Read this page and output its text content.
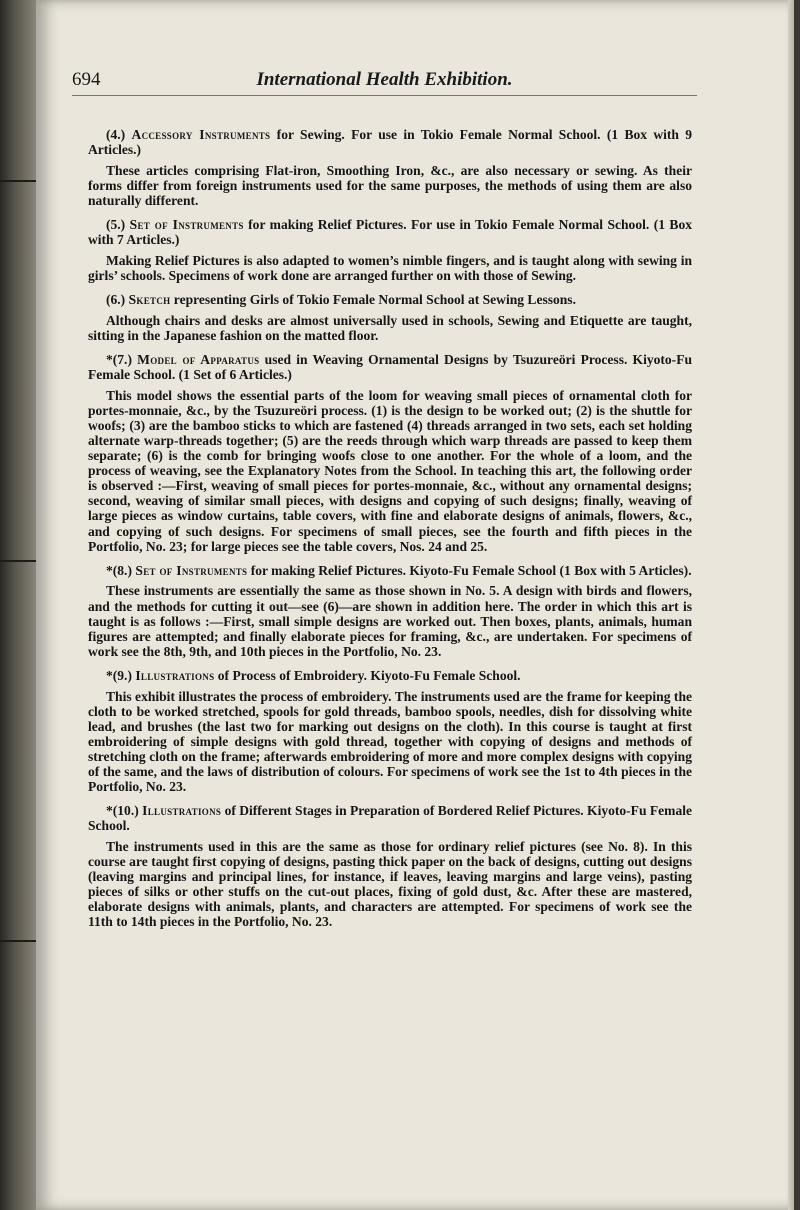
694	International Health Exhibition.

(4.) Accessory Instruments for Sewing. For use in Tokio Female Normal School. (1 Box with 9 Articles.)

These articles comprising Flat-iron, Smoothing Iron, &c., are also necessary or sewing. As their forms differ from foreign instruments used for the same purposes, the methods of using them are also naturally different.

(5.) Set of Instruments for making Relief Pictures. For use in Tokio Female Normal School. (1 Box with 7 Articles.)

Making Relief Pictures is also adapted to women’s nimble fingers, and is taught along with sewing in girls’ schools. Specimens of work done are arranged further on with those of Sewing.

(6.) Sketch representing Girls of Tokio Female Normal School at Sewing Lessons.

Although chairs and desks are almost universally used in schools, Sewing and Etiquette are taught, sitting in the Japanese fashion on the matted floor.

*(7.) Model of Apparatus used in Weaving Ornamental Designs by Tsuzureöri Process. Kiyoto-Fu Female School. (1 Set of 6 Articles.)

This model shows the essential parts of the loom for weaving small pieces of ornamental cloth for portes-monnaie, &c., by the Tsuzureöri process. (1) is the design to be worked out; (2) is the shuttle for woofs; (3) are the bamboo sticks to which are fastened (4) threads arranged in two sets, each set holding alternate warp-threads together; (5) are the reeds through which warp threads are passed to keep them separate; (6) is the comb for bringing woofs close to one another. For the whole of a loom, and the process of weaving, see the Explanatory Notes from the School. In teaching this art, the following order is observed :—First, weaving of small pieces for portes-monnaie, &c., without any ornamental designs; second, weaving of similar small pieces, with designs and copying of such designs; finally, weaving of large pieces as window curtains, table covers, with fine and elaborate designs of animals, flowers, &c., and copying of such designs. For specimens of small pieces, see the fourth and fifth pieces in the Portfolio, No. 23; for large pieces see the table covers, Nos. 24 and 25.

*(8.) Set of Instruments for making Relief Pictures. Kiyoto-Fu Female School (1 Box with 5 Articles).

These instruments are essentially the same as those shown in No. 5. A design with birds and flowers, and the methods for cutting it out—see (6)—are shown in addition here. The order in which this art is taught is as follows :—First, small simple designs are worked out. Then boxes, plants, animals, human figures are attempted; and finally elaborate pieces for framing, &c., are undertaken. For specimens of work see the 8th, 9th, and 10th pieces in the Portfolio, No. 23.

*(9.) Illustrations of Process of Embroidery. Kiyoto-Fu Female School.

This exhibit illustrates the process of embroidery. The instruments used are the frame for keeping the cloth to be worked stretched, spools for gold threads, bamboo spools, needles, dish for dissolving white lead, and brushes (the last two for marking out designs on the cloth). In this course is taught at first embroidering of simple designs with gold thread, together with copying of designs and methods of stretching cloth on the frame; afterwards embroidering of more and more complex designs with copying of the same, and the laws of distribution of colours. For specimens of work see the 1st to 4th pieces in the Portfolio, No. 23.

*(10.) Illustrations of Different Stages in Preparation of Bordered Relief Pictures. Kiyoto-Fu Female School.

The instruments used in this are the same as those for ordinary relief pictures (see No. 8). In this course are taught first copying of designs, pasting thick paper on the back of designs, cutting out designs (leaving margins and principal lines, for instance, if leaves, leaving margins and large veins), pasting pieces of silks or other stuffs on the cut-out places, fixing of gold dust, &c. After these are mastered, elaborate designs with animals, plants, and characters are attempted. For specimens of work see the 11th to 14th pieces in the Portfolio, No. 23.
